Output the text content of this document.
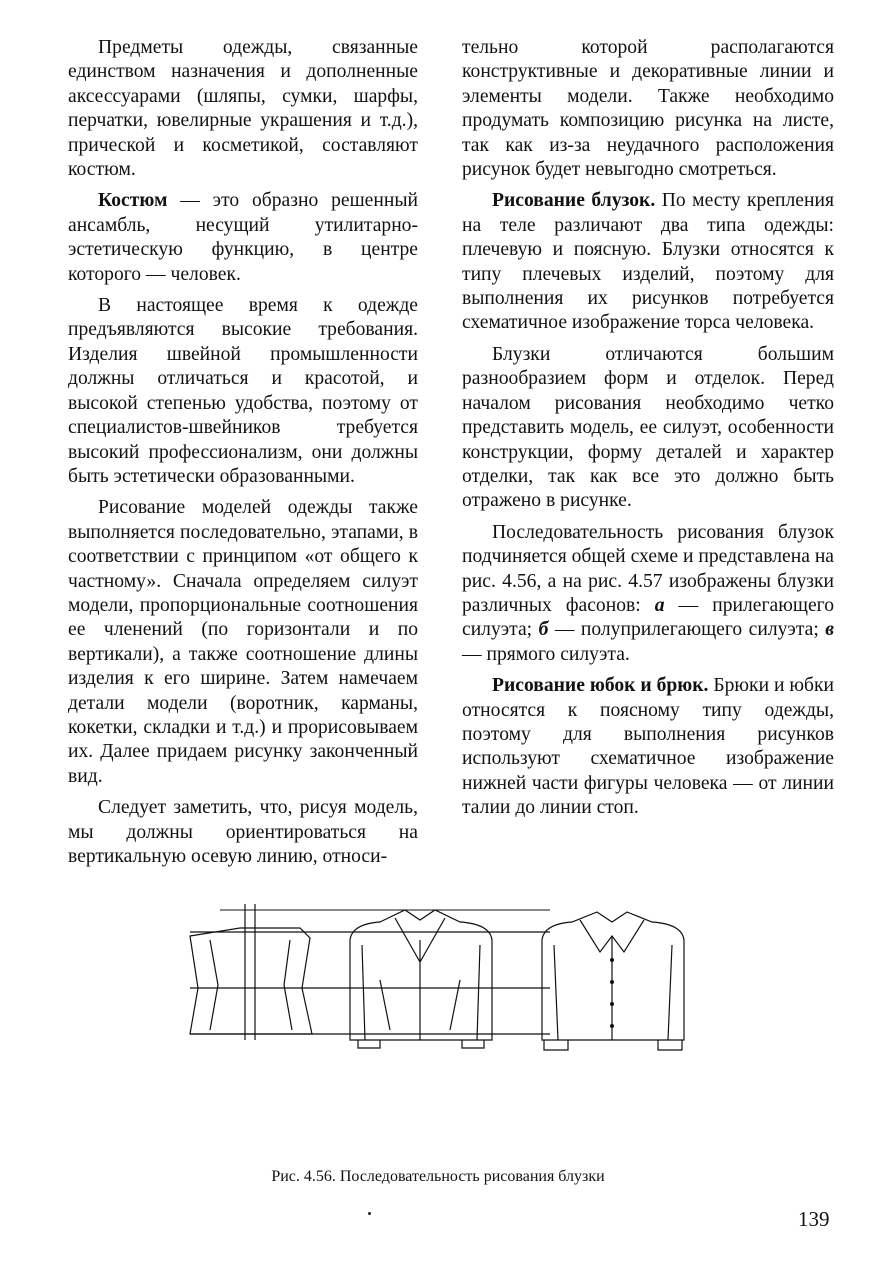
Предметы одежды, связанные единством назначения и дополненные аксессуарами (шляпы, сумки, шарфы, перчатки, ювелирные украшения и т.д.), прической и косметикой, составляют костюм.

Костюм — это образно решенный ансамбль, несущий утилитарно-эстетическую функцию, в центре которого — человек.

В настоящее время к одежде предъявляются высокие требования. Изделия швейной промышленности должны отличаться и красотой, и высокой степенью удобства, поэтому от специалистов-швейников требуется высокий профессионализм, они должны быть эстетически образованными.

Рисование моделей одежды также выполняется последовательно, этапами, в соответствии с принципом «от общего к частному». Сначала определяем силуэт модели, пропорциональные соотношения ее членений (по горизонтали и по вертикали), а также соотношение длины изделия к его ширине. Затем намечаем детали модели (воротник, карманы, кокетки, складки и т.д.) и прорисовываем их. Далее придаем рисунку законченный вид.

Следует заметить, что, рисуя модель, мы должны ориентироваться на вертикальную осевую линию, относи-

тельно которой располагаются конструктивные и декоративные линии и элементы модели. Также необходимо продумать композицию рисунка на листе, так как из-за неудачного расположения рисунок будет невыгодно смотреться.

Рисование блузок. По месту крепления на теле различают два типа одежды: плечевую и поясную. Блузки относятся к типу плечевых изделий, поэтому для выполнения их рисунков потребуется схематичное изображение торса человека.

Блузки отличаются большим разнообразием форм и отделок. Перед началом рисования необходимо четко представить модель, ее силуэт, особенности конструкции, форму деталей и характер отделки, так как все это должно быть отражено в рисунке.

Последовательность рисования блузок подчиняется общей схеме и представлена на рис. 4.56, а на рис. 4.57 изображены блузки различных фасонов: а — прилегающего силуэта; б — полуприлегающего силуэта; в — прямого силуэта.

Рисование юбок и брюк. Брюки и юбки относятся к поясному типу одежды, поэтому для выполнения рисунков используют схематичное изображение нижней части фигуры человека — от линии талии до линии стоп.

Рис. 4.56. Последовательность рисования блузки
139
